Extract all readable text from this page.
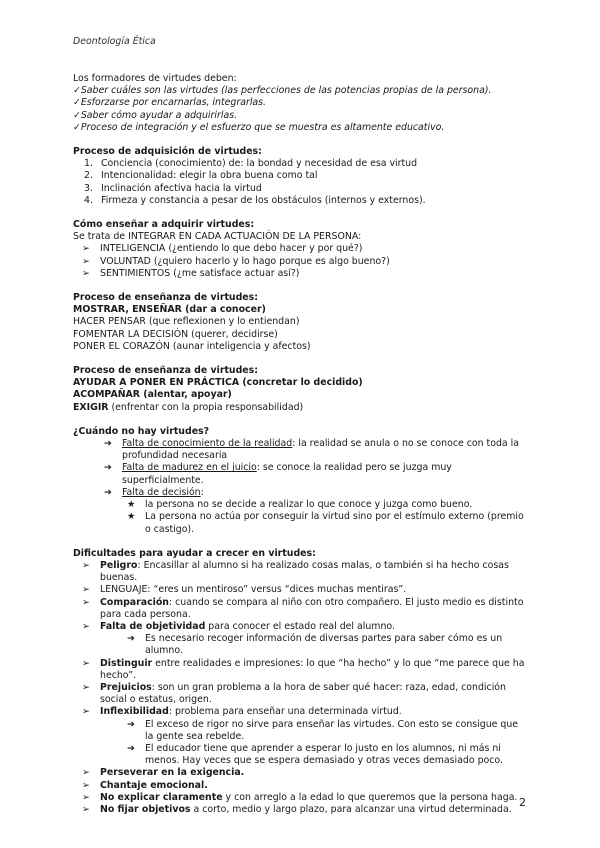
Deontología Ética

Los formadores de virtudes deben:

✓Saber cuáles son las virtudes (las perfecciones de las potencias propias de la persona).

✓Esforzarse por encarnarlas, integrarlas.

✓Saber cómo ayudar a adquirirlas.

✓Proceso de integración y el esfuerzo que se muestra es altamente educativo.

Proceso de adquisición de virtudes:

1. Conciencia (conocimiento) de: la bondad y necesidad de esa virtud
2. Intencionalidad: elegir la obra buena como tal
3. Inclinación afectiva hacia la virtud
4. Firmeza y constancia a pesar de los obstáculos (internos y externos).

Cómo enseñar a adquirir virtudes:

Se trata de INTEGRAR EN CADA ACTUACIÓN DE LA PERSONA:

➢	INTELIGENCIA (¿entiendo lo que debo hacer y por qué?)
➢	VOLUNTAD (¿quiero hacerlo y lo hago porque es algo bueno?)
➢	SENTIMIENTOS (¿me satisface actuar así?)

Proceso de enseñanza de virtudes:

MOSTRAR, ENSEÑAR (dar a conocer)

HACER PENSAR (que reflexionen y lo entiendan)

FOMENTAR LA DECISIÓN (querer, decidirse)

PONER EL CORAZÓN (aunar inteligencia y afectos)

Proceso de enseñanza de virtudes:

AYUDAR A PONER EN PRÁCTICA (concretar lo decidido)

ACOMPAÑAR (alentar, apoyar)

EXIGIR (enfrentar con la propia responsabilidad)

¿Cuándo no hay virtudes?

➔	Falta de conocimiento de la realidad: la realidad se anula o no se conoce con toda la profundidad necesaria
➔	Falta de madurez en el juicio: se conoce la realidad pero se juzga muy superficialmente.
➔	Falta de decisión:
★	la persona no se decide a realizar lo que conoce y juzga como bueno.
★	La persona no actúa por conseguir la virtud sino por el estímulo externo (premio o castigo).

Dificultades para ayudar a crecer en virtudes:

➢	Peligro: Encasillar al alumno si ha realizado cosas malas, o también si ha hecho cosas buenas.
➢	LENGUAJE: “eres un mentiroso” versus “dices muchas mentiras”.
➢	Comparación: cuando se compara al niño con otro compañero. El justo medio es distinto para cada persona.
➢	Falta de objetividad para conocer el estado real del alumno.
➔	Es necesario recoger información de diversas partes para saber cómo es un alumno.
➢	Distinguir entre realidades e impresiones: lo que “ha hecho” y lo que “me parece que ha hecho”.
➢	Prejuicios: son un gran problema a la hora de saber qué hacer: raza, edad, condición social o estatus, origen.
➢	Inflexibilidad: problema para enseñar una determinada virtud.
➔	El exceso de rigor no sirve para enseñar las virtudes. Con esto se consigue que la gente sea rebelde.
➔	El educador tiene que aprender a esperar lo justo en los alumnos, ni más ni menos. Hay veces que se espera demasiado y otras veces demasiado poco.
➢	Perseverar en la exigencia.
➢	Chantaje emocional.
➢	No explicar claramente y con arreglo a la edad lo que queremos que la persona haga.
➢	No fijar objetivos a corto, medio y largo plazo, para alcanzar una virtud determinada.
2
